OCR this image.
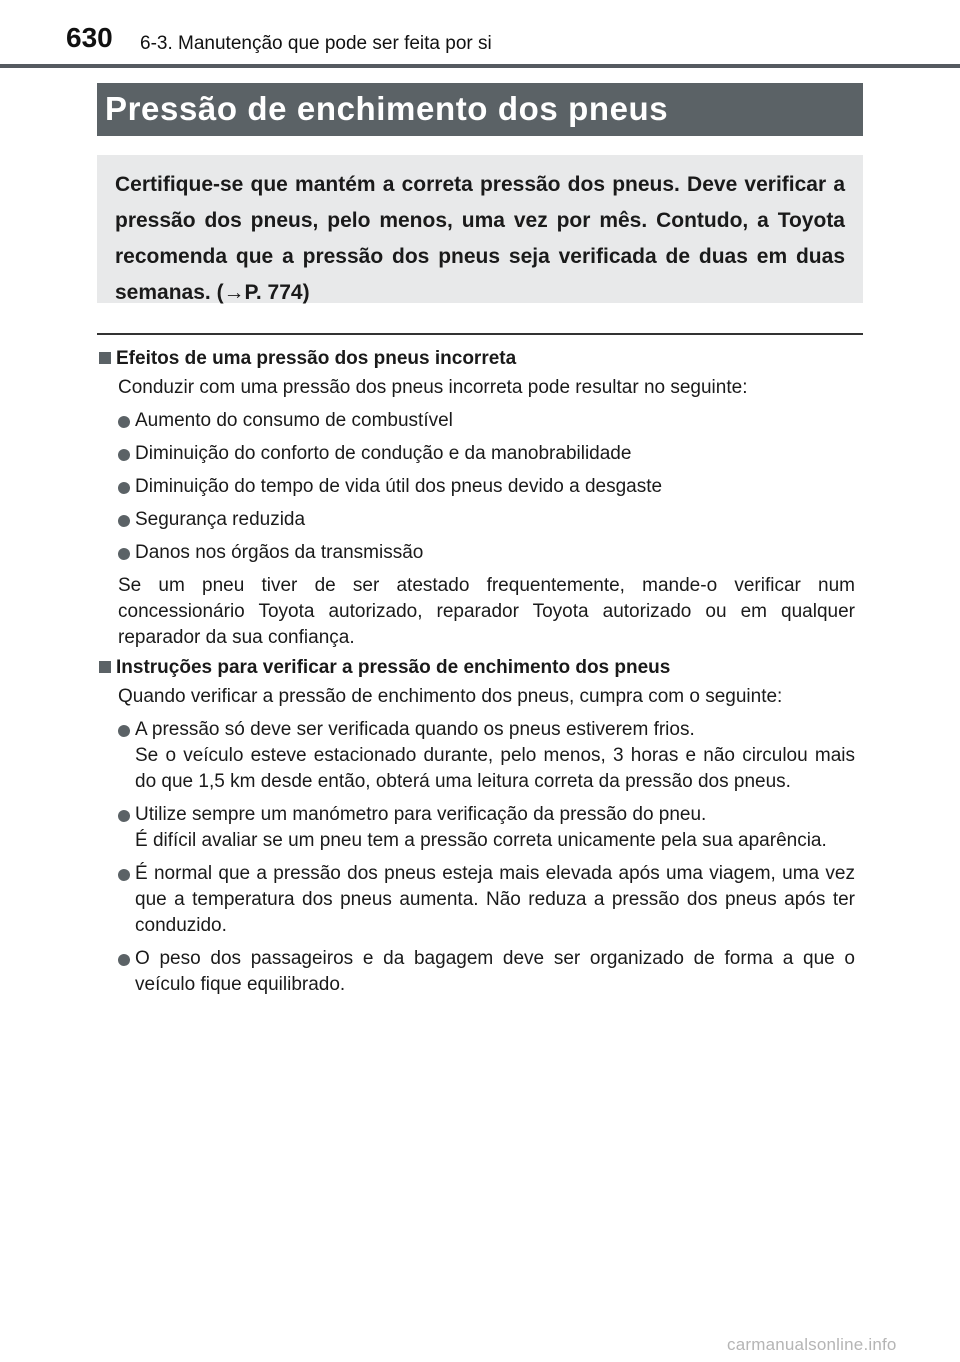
630 6-3. Manutenção que pode ser feita por si
Pressão de enchimento dos pneus

Certifique-se que mantém a correta pressão dos pneus. Deve verificar a pressão dos pneus, pelo menos, uma vez por mês. Contudo, a Toyota recomenda que a pressão dos pneus seja verificada de duas em duas semanas. (→P. 774)

Efeitos de uma pressão dos pneus incorreta

Conduzir com uma pressão dos pneus incorreta pode resultar no seguinte:

Aumento do consumo de combustível

Diminuição do conforto de condução e da manobrabilidade

Diminuição do tempo de vida útil dos pneus devido a desgaste

Segurança reduzida

Danos nos órgãos da transmissão

Se um pneu tiver de ser atestado frequentemente, mande-o verificar num concessionário Toyota autorizado, reparador Toyota autorizado ou em qualquer reparador da sua confiança.

Instruções para verificar a pressão de enchimento dos pneus

Quando verificar a pressão de enchimento dos pneus, cumpra com o seguinte:

A pressão só deve ser verificada quando os pneus estiverem frios.

Se o veículo esteve estacionado durante, pelo menos, 3 horas e não circulou mais do que 1,5 km desde então, obterá uma leitura correta da pressão dos pneus.

Utilize sempre um manómetro para verificação da pressão do pneu.

É difícil avaliar se um pneu tem a pressão correta unicamente pela sua aparência.

É normal que a pressão dos pneus esteja mais elevada após uma viagem, uma vez que a temperatura dos pneus aumenta. Não reduza a pressão dos pneus após ter conduzido.

O peso dos passageiros e da bagagem deve ser organizado de forma a que o veículo fique equilibrado.

carmanualsonline.info
